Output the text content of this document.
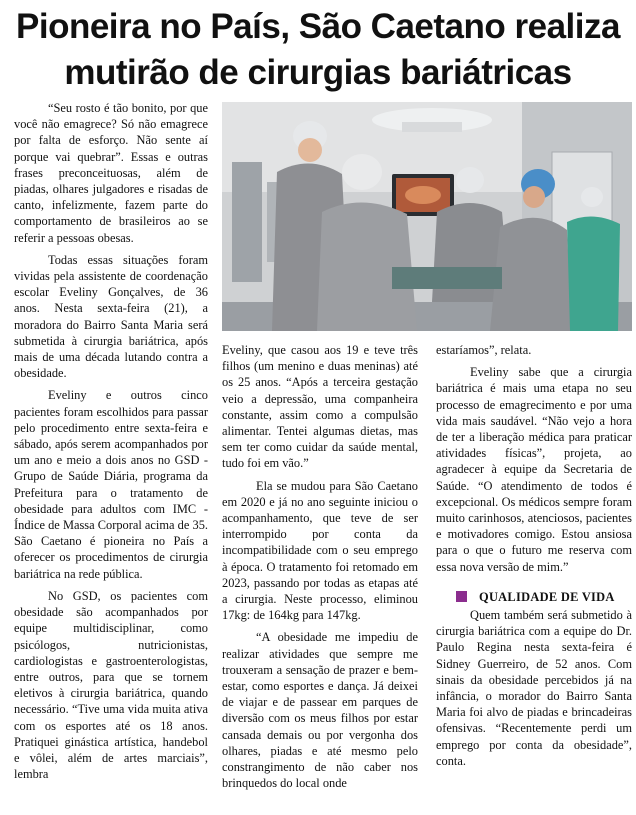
Pioneira no País, São Caetano realiza
mutirão de cirurgias bariátricas

“Seu rosto é tão bonito, por que você não emagrece? Só não emagrece por falta de esforço. Não sente aí porque vai quebrar”. Essas e outras frases preconceituosas, além de piadas, olhares julgadores e risadas de canto, infelizmente, fazem parte do comportamento de brasileiros ao se referir a pessoas obesas.

Todas essas situações foram vividas pela assistente de coordenação escolar Eveliny Gonçalves, de 36 anos. Nesta sexta-feira (21), a moradora do Bairro Santa Maria será submetida à cirurgia bariátrica, após mais de uma década lutando contra a obesidade.

Eveliny e outros cinco pacientes foram escolhidos para passar pelo procedimento entre sexta-feira e sábado, após serem acompanhados por um ano e meio a dois anos no GSD - Grupo de Saúde Diária, programa da Prefeitura para o tratamento de obesidade para adultos com IMC - Índice de Massa Corporal acima de 35. São Caetano é pioneira no País a oferecer os procedimentos de cirurgia bariátrica na rede pública.

No GSD, os pacientes com obesidade são acompanhados por equipe multidisciplinar, como psicólogos, nutricionistas, cardiologistas e gastroenterologistas, entre outros, para que se tornem eletivos à cirurgia bariátrica, quando necessário. “Tive uma vida muita ativa com os esportes até os 18 anos. Pratiquei ginástica artística, handebol e vôlei, além de artes marciais”, lembra

Eveliny, que casou aos 19 e teve três filhos (um menino e duas meninas) até os 25 anos. “Após a terceira gestação veio a depressão, uma companheira constante, assim como a compulsão alimentar. Tentei algumas dietas, mas sem ter como cuidar da saúde mental, tudo foi em vão.”

Ela se mudou para São Caetano em 2020 e já no ano seguinte iniciou o acompanhamento, que teve de ser interrompido por conta da incompatibilidade com o seu emprego à época. O tratamento foi retomado em 2023, passando por todas as etapas até a cirurgia. Neste processo, eliminou 17kg: de 164kg para 147kg.

“A obesidade me impediu de realizar atividades que sempre me trouxeram a sensação de prazer e bem-estar, como esportes e dança. Já deixei de viajar e de passear em parques de diversão com os meus filhos por estar cansada demais ou por vergonha dos olhares, piadas e até mesmo pelo constrangimento de não caber nos brinquedos do local onde

estaríamos”, relata.

Eveliny sabe que a cirurgia bariátrica é mais uma etapa no seu processo de emagrecimento e por uma vida mais saudável. “Não vejo a hora de ter a liberação médica para praticar atividades físicas”, projeta, ao agradecer à equipe da Secretaria de Saúde. “O atendimento de todos é excepcional. Os médicos sempre foram muito carinhosos, atenciosos, pacientes e motivadores comigo. Estou ansiosa para o que o futuro me reserva com essa nova versão de mim.”

QUALIDADE DE VIDA

Quem também será submetido à cirurgia bariátrica com a equipe do Dr. Paulo Regina nesta sexta-feira é Sidney Guerreiro, de 52 anos. Com sinais da obesidade percebidos já na infância, o morador do Bairro Santa Maria foi alvo de piadas e brincadeiras ofensivas. “Recentemente perdi um emprego por conta da obesidade”, conta.
